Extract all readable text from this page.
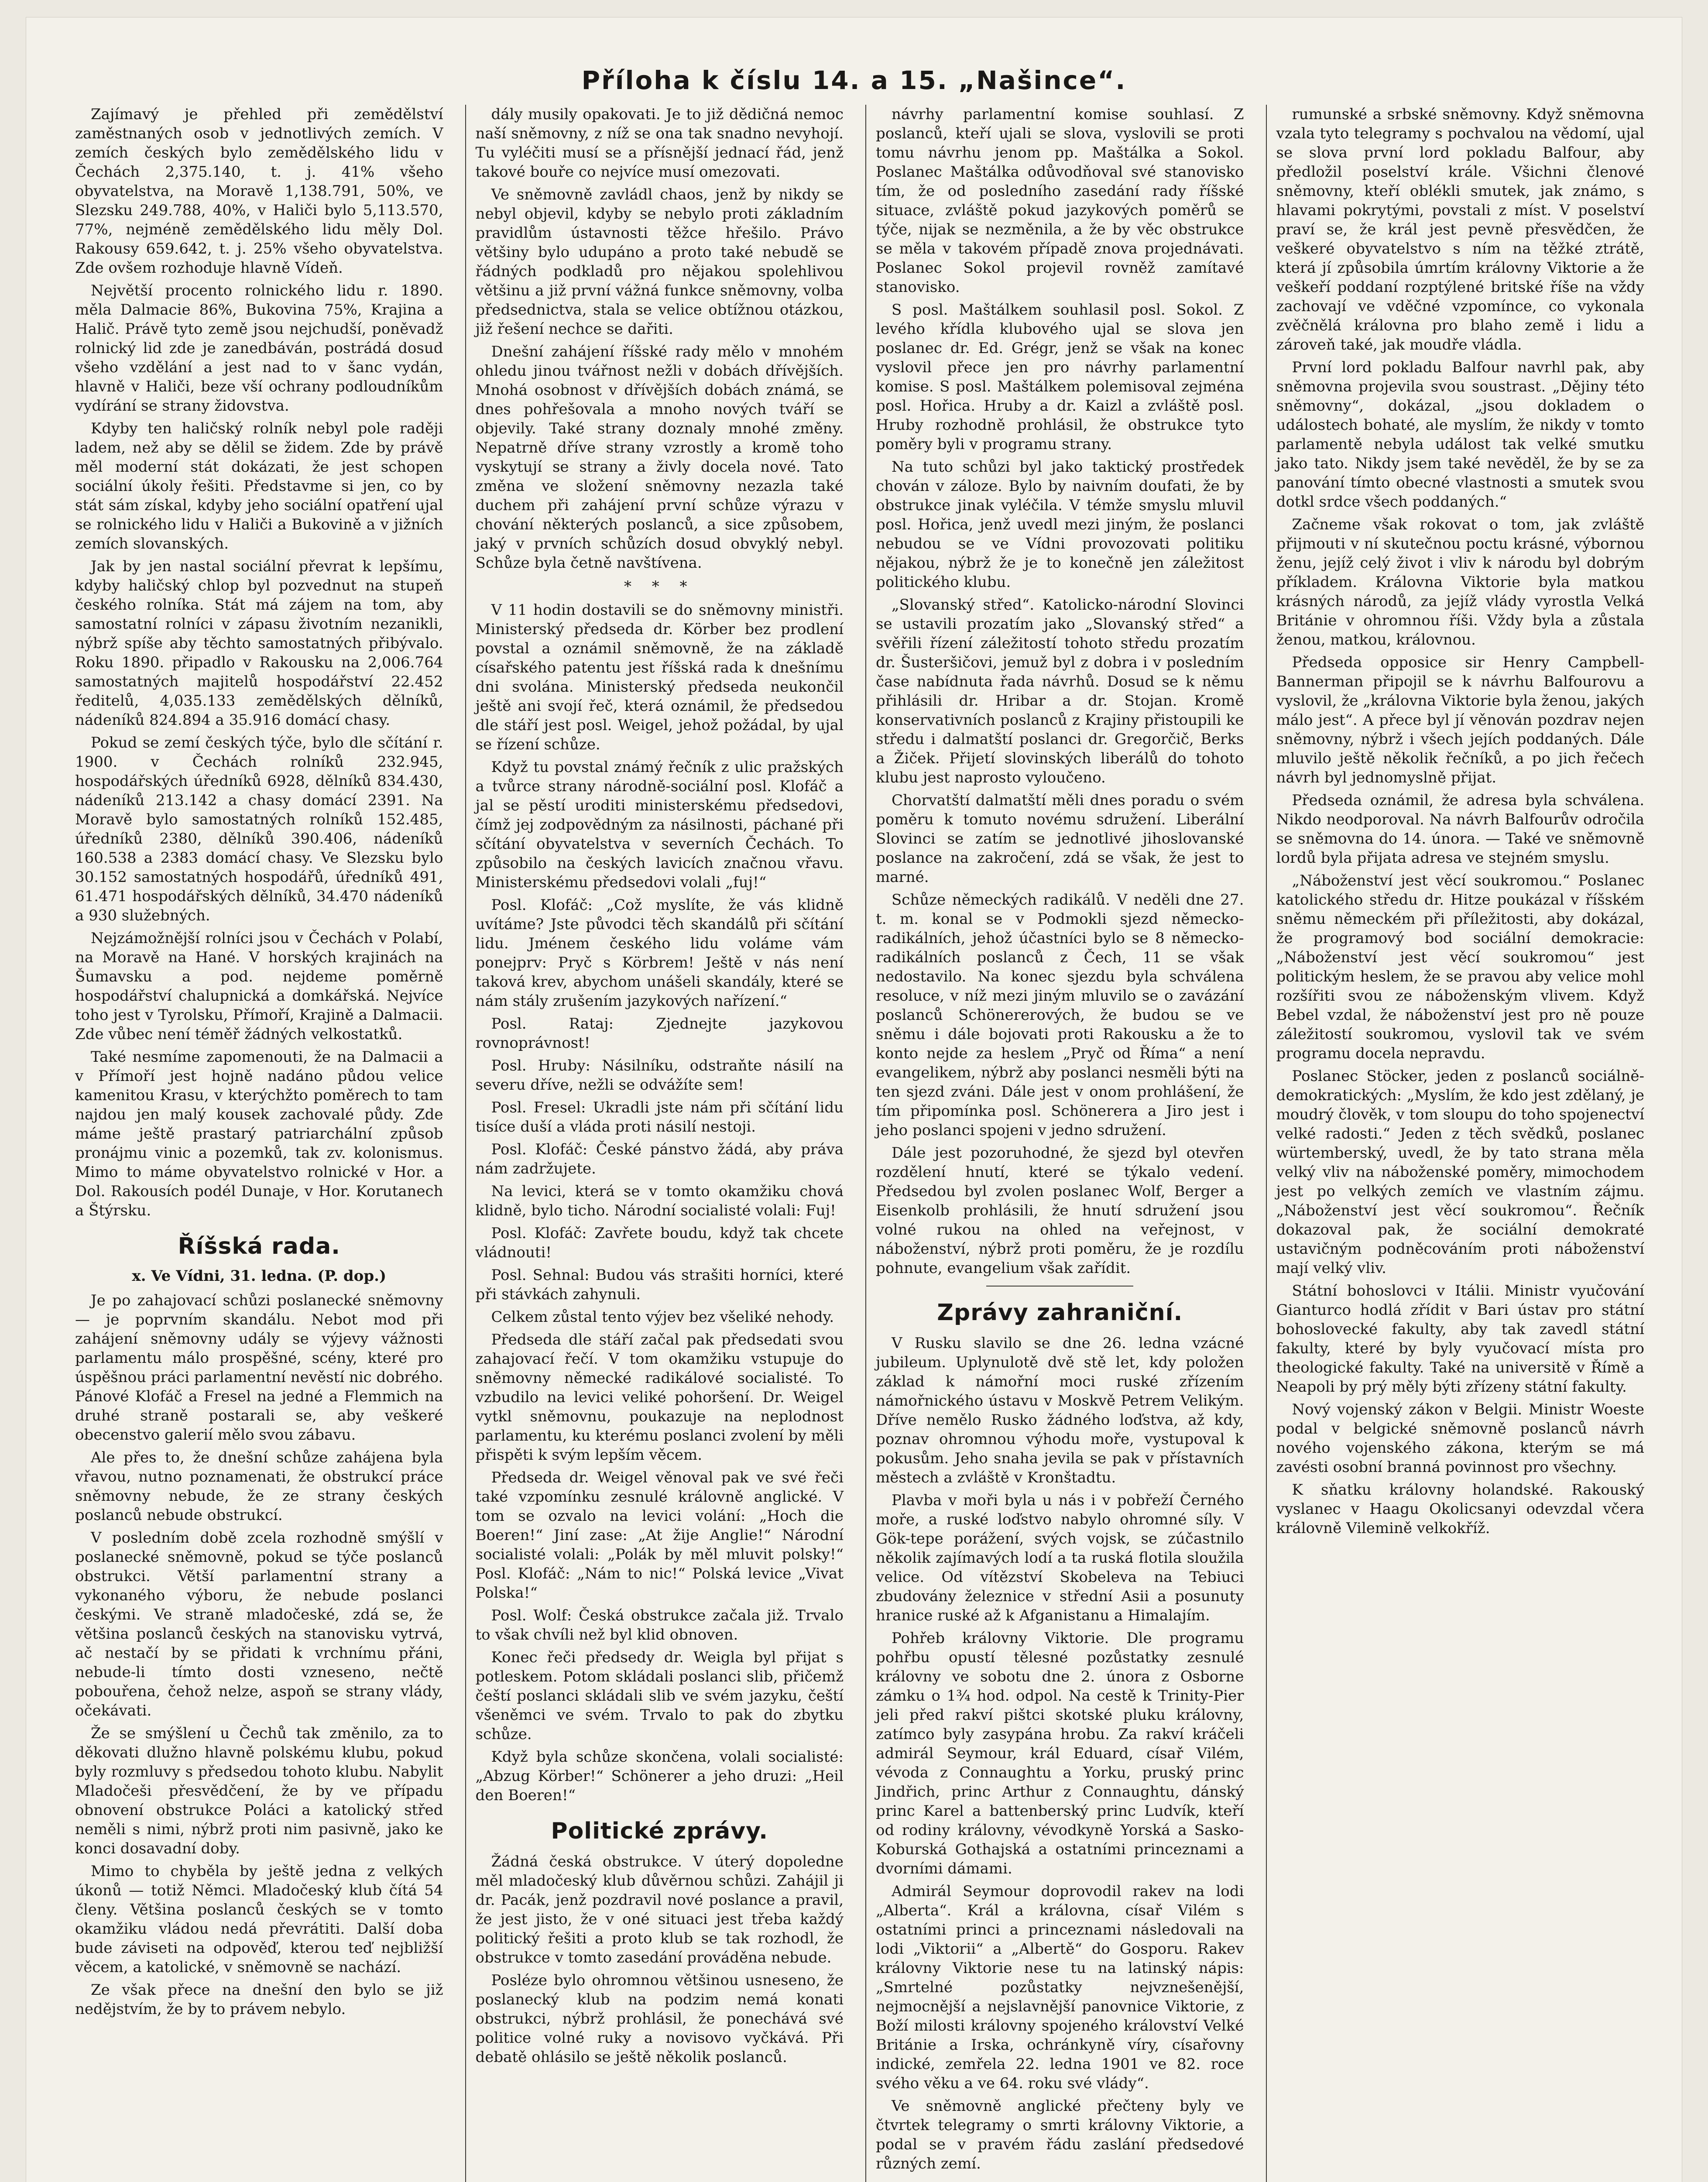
Příloha k číslu 14. a 15. „Našince“.

Zajímavý je přehled při zemědělství zaměstnaných osob v jednotlivých zemích. V zemích českých bylo zemědělského lidu v Čechách 2,375.140, t. j. 41% všeho obyvatelstva, na Moravě 1,138.791, 50%, ve Slezsku 249.788, 40%, v Haliči bylo 5,113.570, 77%, nejméně zemědělského lidu měly Dol. Rakousy 659.642, t. j. 25% všeho obyvatelstva. Zde ovšem rozhoduje hlavně Vídeň.

Největší procento rolnického lidu r. 1890. měla Dalmacie 86%, Bukovina 75%, Krajina a Halič. Právě tyto země jsou nejchudší, poněvadž rolnický lid zde je zanedbáván, postrádá dosud všeho vzdělání a jest nad to v šanc vydán, hlavně v Haliči, beze vší ochrany podloudníkům vydírání se strany židovstva.

Kdyby ten haličský rolník nebyl pole raději ladem, než aby se dělil se židem. Zde by právě měl moderní stát dokázati, že jest schopen sociální úkoly řešiti. Představme si jen, co by stát sám získal, kdyby jeho sociální opatření ujal se rolnického lidu v Haliči a Bukovině a v jižních zemích slovanských.

Jak by jen nastal sociální převrat k lepšímu, kdyby haličský chlop byl pozvednut na stupeň českého rolníka. Stát má zájem na tom, aby samostatní rolníci v zápasu životním nezanikli, nýbrž spíše aby těchto samostatných přibývalo. Roku 1890. připadlo v Rakousku na 2,006.764 samostatných majitelů hospodářství 22.452 ředitelů, 4,035.133 zemědělských dělníků, nádeníků 824.894 a 35.916 domácí chasy.

Pokud se zemí českých týče, bylo dle sčítání r. 1900. v Čechách rolníků 232.945, hospodářských úředníků 6928, dělníků 834.430, nádeníků 213.142 a chasy domácí 2391. Na Moravě bylo samostatných rolníků 152.485, úředníků 2380, dělníků 390.406, nádeníků 160.538 a 2383 domácí chasy. Ve Slezsku bylo 30.152 samostatných hospodářů, úředníků 491, 61.471 hospodářských dělníků, 34.470 nádeníků a 930 služebných.

Nejzámožnější rolníci jsou v Čechách v Polabí, na Moravě na Hané. V horských krajinách na Šumavsku a pod. nejdeme poměrně hospodářství chalupnická a domkářská. Nejvíce toho jest v Tyrolsku, Přímoří, Krajině a Dalmacii. Zde vůbec není téměř žádných velkostatků.

Také nesmíme zapomenouti, že na Dalmacii a v Přímoří jest hojně nadáno půdou velice kamenitou Krasu, v kterýchžto poměrech to tam najdou jen malý kousek zachovalé půdy. Zde máme ještě prastarý patriarchální způsob pronájmu vinic a pozemků, tak zv. kolonismus. Mimo to máme obyvatelstvo rolnické v Hor. a Dol. Rakousích podél Dunaje, v Hor. Korutanech a Štýrsku.

Říšská rada.
x. Ve Vídni, 31. ledna. (P. dop.)

Je po zahajovací schůzi poslanecké sněmovny — je poprvním skandálu. Nebot mod při zahájení sněmovny udály se výjevy vážnosti parlamentu málo prospěšné, scény, které pro úspěšnou práci parlamentní nevěstí nic dobrého. Pánové Klofáč a Fresel na jedné a Flemmich na druhé straně postarali se, aby veškeré obecenstvo galerií mělo svou zábavu.

Ale přes to, že dnešní schůze zahájena byla vřavou, nutno poznamenati, že obstrukcí práce sněmovny nebude, že ze strany českých poslanců nebude obstrukcí.

V posledním době zcela rozhodně smýšlí v poslanecké sněmovně, pokud se týče poslanců obstrukci. Větší parlamentní strany a vykonaného výboru, že nebude poslanci českými. Ve straně mladočeské, zdá se, že většina poslanců českých na stanovisku vytrvá, ač nestačí by se přidati k vrchnímu přáni, nebude-li tímto dosti vzneseno, nečtě pobouřena, čehož nelze, aspoň se strany vlády, očekávati.

Že se smýšlení u Čechů tak změnilo, za to děkovati dlužno hlavně polskému klubu, pokud byly rozmluvy s předsedou tohoto klubu. Nabylit Mladočeši přesvědčení, že by ve případu obnovení obstrukce Poláci a katolický střed neměli s nimi, nýbrž proti nim pasivně, jako ke konci dosavadní doby.

Mimo to chyběla by ještě jedna z velkých úkonů — totiž Němci. Mladočeský klub čítá 54 členy. Většina poslanců českých se v tomto okamžiku vládou nedá převrátiti. Další doba bude záviseti na odpověď, kterou teď nejbližší věcem, a katolické, v sněmovně se nachází.

Ze však přece na dnešní den bylo se již nedějstvím, že by to právem nebylo.

dály musily opakovati. Je to již dědičná nemoc naší sněmovny, z níž se ona tak snadno nevyhojí. Tu vyléčiti musí se a přísnější jednací řád, jenž takové bouře co nejvíce musí omezovati.

Ve sněmovně zavládl chaos, jenž by nikdy se nebyl objevil, kdyby se nebylo proti základním pravidlům ústavnosti těžce hřešilo. Právo většiny bylo udupáno a proto také nebudě se řádných podkladů pro nějakou spolehlivou většinu a již první vážná funkce sněmovny, volba předsednictva, stala se velice obtížnou otázkou, již řešení nechce se dařiti.

Dnešní zahájení říšské rady mělo v mnohém ohledu jinou tvářnost nežli v dobách dřívějších. Mnohá osobnost v dřívějších dobách známá, se dnes pohřešovala a mnoho nových tváří se objevily. Také strany doznaly mnohé změny. Nepatrně dříve strany vzrostly a kromě toho vyskytují se strany a živly docela nové. Tato změna ve složení sněmovny nezazla také duchem při zahájení první schůze výrazu v chování některých poslanců, a sice způsobem, jaký v prvních schůzích dosud obvyklý nebyl. Schůze byla četně navštívena.

* * *

V 11 hodin dostavili se do sněmovny ministři. Ministerský předseda dr. Körber bez prodlení povstal a oznámil sněmovně, že na základě císařského patentu jest říšská rada k dnešnímu dni svolána. Ministerský předseda neukončil ještě ani svojí řeč, která oznámil, že předsedou dle stáří jest posl. Weigel, jehož požádal, by ujal se řízení schůze.

Když tu povstal známý řečník z ulic pražských a tvůrce strany národně-sociální posl. Klofáč a jal se pěstí uroditi ministerskému předsedovi, čímž jej zodpovědným za násilnosti, páchané při sčítání obyvatelstva v severních Čechách. To způsobilo na českých lavicích značnou vřavu. Ministerskému předsedovi volali „fuj!“

Posl. Klofáč: „Což myslíte, že vás klidně uvítáme? Jste původci těch skandálů při sčítání lidu. Jménem českého lidu voláme vám ponejprv: Pryč s Körbrem! Ještě v nás není taková krev, abychom unášeli skandály, které se nám stály zrušením jazykových nařízení.“

Posl. Rataj: Zjednejte jazykovou rovnoprávnost!

Posl. Hruby: Násilníku, odstraňte násilí na severu dříve, nežli se odvážíte sem!

Posl. Fresel: Ukradli jste nám při sčítání lidu tisíce duší a vláda proti násilí nestoji.

Posl. Klofáč: České pánstvo žádá, aby práva nám zadržujete.

Na levici, která se v tomto okamžiku chová klidně, bylo ticho. Národní socialisté volali: Fuj!

Posl. Klofáč: Zavřete boudu, když tak chcete vládnouti!

Posl. Sehnal: Budou vás strašiti horníci, které při stávkách zahynuli.

Celkem zůstal tento výjev bez všeliké nehody.

Předseda dle stáří začal pak předsedati svou zahajovací řečí. V tom okamžiku vstupuje do sněmovny německé radikálové socialisté. To vzbudilo na levici veliké pohoršení. Dr. Weigel vytkl sněmovnu, poukazuje na neplodnost parlamentu, ku kterému poslanci zvolení by měli přispěti k svým lepším věcem.

Předseda dr. Weigel věnoval pak ve své řeči také vzpomínku zesnulé královně anglické. V tom se ozvalo na levici volání: „Hoch die Boeren!“ Jiní zase: „At žije Anglie!“ Národní socialisté volali: „Polák by měl mluvit polsky!“ Posl. Klofáč: „Nám to nic!“ Polská levice „Vivat Polska!“

Posl. Wolf: Česká obstrukce začala již. Trvalo to však chvíli než byl klid obnoven.

Konec řeči předsedy dr. Weigla byl přijat s potleskem. Potom skládali poslanci slib, přičemž čeští poslanci skládali slib ve svém jazyku, čeští všeněmci ve svém. Trvalo to pak do zbytku schůze.

Když byla schůze skončena, volali socialisté: „Abzug Körber!“ Schönerer a jeho druzi: „Heil den Boeren!“

Politické zprávy.

Žádná česká obstrukce. V úterý dopoledne měl mladočeský klub důvěrnou schůzi. Zahájil ji dr. Pacák, jenž pozdravil nové poslance a pravil, že jest jisto, že v oné situaci jest třeba každý politický řešiti a proto klub se tak rozhodl, že obstrukce v tomto zasedání prováděna nebude.

Posléze bylo ohromnou většinou usneseno, že poslanecký klub na podzim nemá konati obstrukci, nýbrž prohlásil, že ponechává své politice volné ruky a novisovo vyčkává. Při debatě ohlásilo se ještě několik poslanců.

návrhy parlamentní komise souhlasí. Z poslanců, kteří ujali se slova, vyslovili se proti tomu návrhu jenom pp. Maštálka a Sokol. Poslanec Maštálka odůvodňoval své stanovisko tím, že od posledního zasedání rady říšské situace, zvláště pokud jazykových poměrů se týče, nijak se nezměnila, a že by věc obstrukce se měla v takovém případě znova projednávati. Poslanec Sokol projevil rovněž zamítavé stanovisko.

S posl. Maštálkem souhlasil posl. Sokol. Z levého křídla klubového ujal se slova jen poslanec dr. Ed. Grégr, jenž se však na konec vyslovil přece jen pro návrhy parlamentní komise. S posl. Maštálkem polemisoval zejména posl. Hořica. Hruby a dr. Kaizl a zvláště posl. Hruby rozhodně prohlásil, že obstrukce tyto poměry byli v programu strany.

Na tuto schůzi byl jako taktický prostředek chován v záloze. Bylo by naivním doufati, že by obstrukce jinak vyléčila. V témže smyslu mluvil posl. Hořica, jenž uvedl mezi jiným, že poslanci nebudou se ve Vídni provozovati politiku nějakou, nýbrž že je to konečně jen záležitost politického klubu.

„Slovanský střed“. Katolicko-národní Slovinci se ustavili prozatím jako „Slovanský střed“ a svěřili řízení záležitostí tohoto středu prozatím dr. Šusteršičovi, jemuž byl z dobra i v posledním čase nabídnuta řada návrhů. Dosud se k němu přihlásili dr. Hribar a dr. Stojan. Kromě konservativních poslanců z Krajiny přistoupili ke středu i dalmatští poslanci dr. Gregorčič, Berks a Žiček. Přijetí slovinských liberálů do tohoto klubu jest naprosto vyloučeno.

Chorvatští dalmatští měli dnes poradu o svém poměru k tomuto novému sdružení. Liberální Slovinci se zatím se jednotlivé jihoslovanské poslance na zakročení, zdá se však, že jest to marné.

Schůze německých radikálů. V neděli dne 27. t. m. konal se v Podmokli sjezd německo-radikálních, jehož účastníci bylo se 8 německo-radikálních poslanců z Čech, 11 se však nedostavilo. Na konec sjezdu byla schválena resoluce, v níž mezi jiným mluvilo se o zavázání poslanců Schönererových, že budou se ve sněmu i dále bojovati proti Rakousku a že to konto nejde za heslem „Pryč od Říma“ a není evangelikem, nýbrž aby poslanci nesměli býti na ten sjezd zváni. Dále jest v onom prohlášení, že tím připomínka posl. Schönerera a Jiro jest i jeho poslanci spojeni v jedno sdružení.

Dále jest pozoruhodné, že sjezd byl otevřen rozdělení hnutí, které se týkalo vedení. Předsedou byl zvolen poslanec Wolf, Berger a Eisenkolb prohlásili, že hnutí sdružení jsou volné rukou na ohled na veřejnost, v náboženství, nýbrž proti poměru, že je rozdílu pohnute, evangelium však zařídit.

Zprávy zahraniční.

V Rusku slavilo se dne 26. ledna vzácné jubileum. Uplynulotě dvě stě let, kdy položen základ k námořní moci ruské zřízením námořnického ústavu v Moskvě Petrem Velikým. Dříve nemělo Rusko žádného loďstva, až kdy, poznav ohromnou výhodu moře, vystupoval k pokusům. Jeho snaha jevila se pak v přístavních městech a zvláště v Kronštadtu.

Plavba v moři byla u nás i v pobřeží Černého moře, a ruské loďstvo nabylo ohromné síly. V Gök-tepe porážení, svých vojsk, se zúčastnilo několik zajímavých lodí a ta ruská flotila sloužila velice. Od vítězství Skobeleva na Tebiuci zbudovány železnice v střední Asii a posunuty hranice ruské až k Afganistanu a Himalajím.

Pohřeb královny Viktorie. Dle programu pohřbu opustí tělesné pozůstatky zesnulé královny ve sobotu dne 2. února z Osborne zámku o 1¾ hod. odpol. Na cestě k Trinity-Pier jeli před rakví pištci skotské pluku královny, zatímco byly zasypána hrobu. Za rakví kráčeli admirál Seymour, král Eduard, císař Vilém, vévoda z Connaughtu a Yorku, pruský princ Jindřich, princ Arthur z Connaughtu, dánský princ Karel a battenberský princ Ludvík, kteří od rodiny královny, vévodkyně Yorská a Sasko-Koburská Gothajská a ostatními princeznami a dvorními dámami.

Admirál Seymour doprovodil rakev na lodi „Alberta“. Král a královna, císař Vilém s ostatními princi a princeznami následovali na lodi „Viktorii“ a „Albertě“ do Gosporu. Rakev královny Viktorie nese tu na latinský nápis: „Smrtelné pozůstatky nejvznešenější, nejmocnější a nejslavnější panovnice Viktorie, z Boží milosti královny spojeného království Velké Británie a Irska, ochránkyně víry, císařovny indické, zemřela 22. ledna 1901 ve 82. roce svého věku a ve 64. roku své vlády“.

Ve sněmovně anglické přečteny byly ve čtvrtek telegramy o smrti královny Viktorie, a podal se v pravém řádu zaslání předsedové různých zemí.

rumunské a srbské sněmovny. Když sněmovna vzala tyto telegramy s pochvalou na vědomí, ujal se slova první lord pokladu Balfour, aby předložil poselství krále. Všichni členové sněmovny, kteří oblékli smutek, jak známo, s hlavami pokrytými, povstali z míst. V poselství praví se, že král jest pevně přesvědčen, že veškeré obyvatelstvo s ním na těžké ztrátě, která jí způsobila úmrtím královny Viktorie a že veškeří poddaní rozptýlené britské říše na vždy zachovají ve vděčné vzpomínce, co vykonala zvěčnělá královna pro blaho země i lidu a zároveň také, jak moudře vládla.

První lord pokladu Balfour navrhl pak, aby sněmovna projevila svou soustrast. „Dějiny této sněmovny“, dokázal, „jsou dokladem o událostech bohaté, ale myslím, že nikdy v tomto parlamentě nebyla událost tak velké smutku jako tato. Nikdy jsem také nevěděl, že by se za panování tímto obecné vlastnosti a smutek svou dotkl srdce všech poddaných.“

Začneme však rokovat o tom, jak zvláště přijmouti v ní skutečnou poctu krásné, výbornou ženu, jejíž celý život i vliv k národu byl dobrým příkladem. Královna Viktorie byla matkou krásných národů, za jejíž vlády vyrostla Velká Británie v ohromnou říši. Vždy byla a zůstala ženou, matkou, královnou.

Předseda opposice sir Henry Campbell-Bannerman připojil se k návrhu Balfourovu a vyslovil, že „královna Viktorie byla ženou, jakých málo jest“. A přece byl jí věnován pozdrav nejen sněmovny, nýbrž i všech jejích poddaných. Dále mluvilo ještě několik řečníků, a po jich řečech návrh byl jednomyslně přijat.

Předseda oznámil, že adresa byla schválena. Nikdo neodporoval. Na návrh Balfourův odročila se sněmovna do 14. února. — Také ve sněmovně lordů byla přijata adresa ve stejném smyslu.

„Náboženství jest věcí soukromou.“ Poslanec katolického středu dr. Hitze poukázal v říšském sněmu německém při příležitosti, aby dokázal, že programový bod sociální demokracie: „Náboženství jest věcí soukromou“ jest politickým heslem, že se pravou aby velice mohl rozšířiti svou ze náboženským vlivem. Když Bebel vzdal, že náboženství jest pro ně pouze záležitostí soukromou, vyslovil tak ve svém programu docela nepravdu.

Poslanec Stöcker, jeden z poslanců sociálně-demokratických: „Myslím, že kdo jest zdělaný, je moudrý člověk, v tom sloupu do toho spojenectví velké radosti.“ Jeden z těch svědků, poslanec würtemberský, uvedl, že by tato strana měla velký vliv na náboženské poměry, mimochodem jest po velkých zemích ve vlastním zájmu. „Náboženství jest věcí soukromou“. Řečník dokazoval pak, že sociální demokraté ustavičným podněcováním proti náboženství mají velký vliv.

Státní bohoslovci v Itálii. Ministr vyučování Gianturco hodlá zřídit v Bari ústav pro státní bohoslovecké fakulty, aby tak zavedl státní fakulty, které by byly vyučovací místa pro theologické fakulty. Také na universitě v Římě a Neapoli by prý měly býti zřízeny státní fakulty.

Nový vojenský zákon v Belgii. Ministr Woeste podal v belgické sněmovně poslanců návrh nového vojenského zákona, kterým se má zavésti osobní branná povinnost pro všechny.

K sňatku královny holandské. Rakouský vyslanec v Haagu Okolicsanyi odevzdal včera královně Vilemině velkokříž.
